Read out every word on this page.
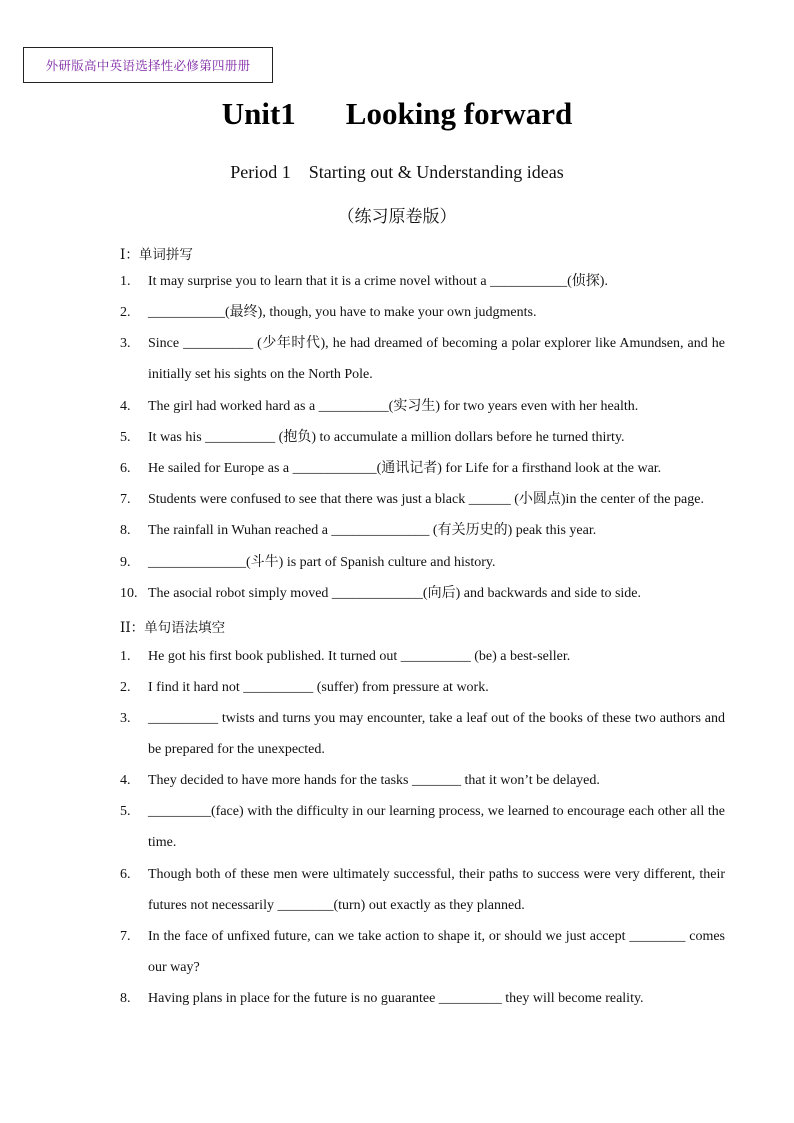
外研版高中英语选择性必修第四册册
Unit1 Looking forward
Period 1 Starting out & Understanding ideas
（练习原卷版）
I：单词拼写
1. It may surprise you to learn that it is a crime novel without a ___________(侦探).
2. ___________(最终), though, you have to make your own judgments.
3. Since __________ (少年时代), he had dreamed of becoming a polar explorer like Amundsen, and he initially set his sights on the North Pole.
4. The girl had worked hard as a __________(实习生) for two years even with her health.
5. It was his __________ (抱负) to accumulate a million dollars before he turned thirty.
6. He sailed for Europe as a ____________(通讯记者) for Life for a firsthand look at the war.
7. Students were confused to see that there was just a black ______ (小圆点)in the center of the page.
8. The rainfall in Wuhan reached a ______________ (有关历史的) peak this year.
9. ______________(斗牛) is part of Spanish culture and history.
10. The asocial robot simply moved _____________(向后) and backwards and side to side.
II：单句语法填空
1. He got his first book published. It turned out __________ (be) a best-seller.
2. I find it hard not __________ (suffer) from pressure at work.
3. __________ twists and turns you may encounter, take a leaf out of the books of these two authors and be prepared for the unexpected.
4. They decided to have more hands for the tasks _______ that it won’t be delayed.
5. _________(face) with the difficulty in our learning process, we learned to encourage each other all the time.
6. Though both of these men were ultimately successful, their paths to success were very different, their futures not necessarily ________(turn) out exactly as they planned.
7. In the face of unfixed future, can we take action to shape it, or should we just accept ________ comes our way?
8. Having plans in place for the future is no guarantee _________ they will become reality.
